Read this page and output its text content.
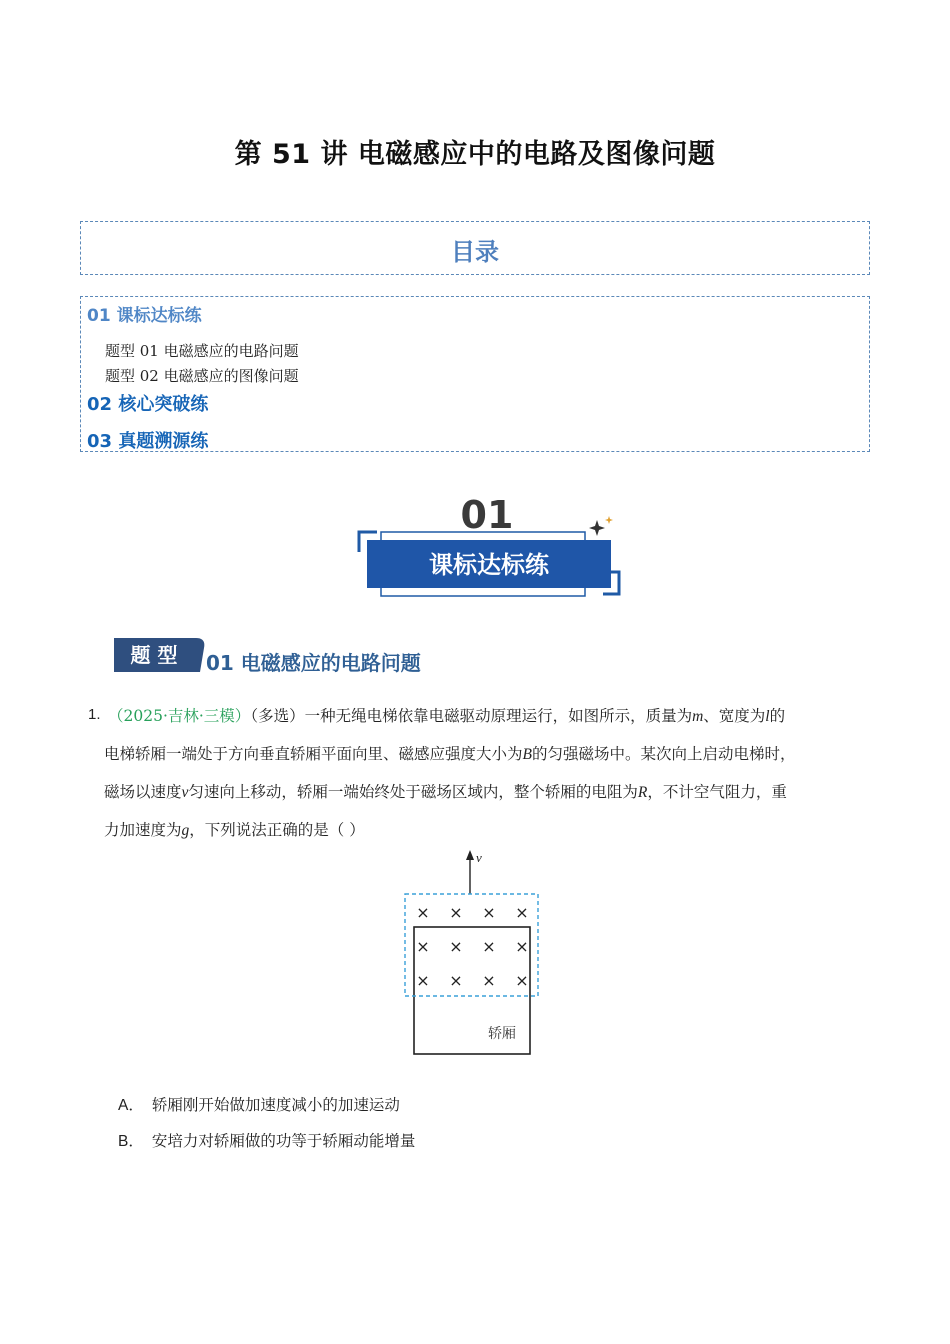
第 51 讲 电磁感应中的电路及图像问题
目录
01 课标达标练
题型 01 电磁感应的电路问题
题型 02 电磁感应的图像问题
02 核心突破练
03 真题溯源练
01
课标达标练
题 型 01 电磁感应的电路问题
1. （2025·吉林·三模）（多选）一种无绳电梯依靠电磁驱动原理运行，如图所示，质量为m、宽度为l的
电梯轿厢一端处于方向垂直轿厢平面向里、磁感应强度大小为B的匀强磁场中。某次向上启动电梯时，
磁场以速度v匀速向上移动，轿厢一端始终处于磁场区域内，整个轿厢的电阻为R，不计空气阻力，重
力加速度为g，下列说法正确的是（ ）
v
× × × ×
× × × ×
× × × ×
轿厢
A． 轿厢刚开始做加速度减小的加速运动
B． 安培力对轿厢做的功等于轿厢动能增量
